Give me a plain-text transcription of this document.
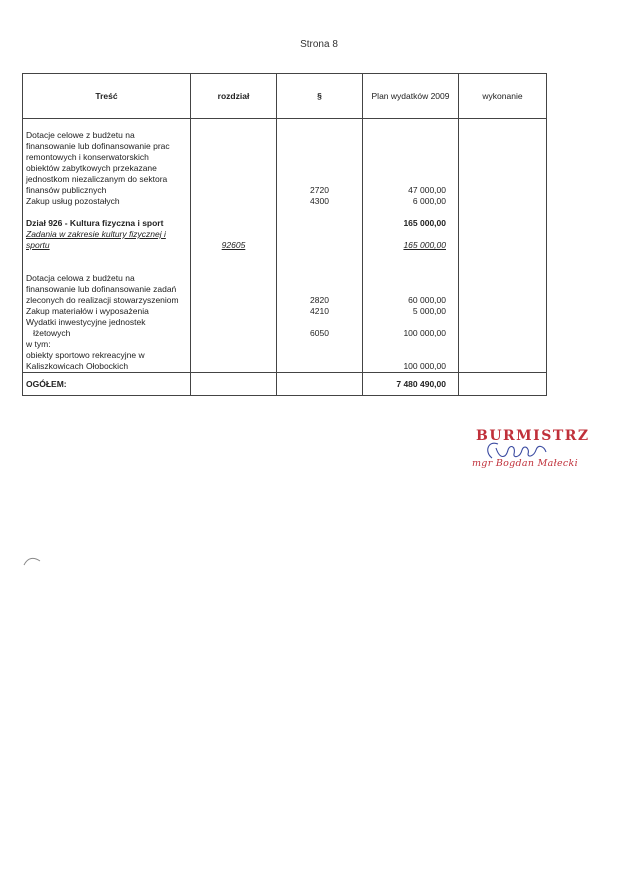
Strona 8
Treść	rozdział	§	Plan wydatków 2009	wykonanie

Dotacje celowe z budżetu na				
finansowanie lub dofinansowanie prac				
remontowych i konserwatorskich				
obiektów zabytkowych przekazane				
jednostkom niezaliczanym do sektora				
finansów publicznych		2720	47 000,00	
Zakup usług pozostałych		4300	6 000,00	

Dział 926 - Kultura fizyczna i sport			165 000,00	
Zadania w zakresie kultury fizycznej i				
sportu	92605		165 000,00	

Dotacja celowa z budżetu na				
finansowanie lub dofinansowanie zadań				
zleconych do realizacji stowarzyszeniom		2820	60 000,00	
Zakup materiałów i wyposażenia		4210	5 000,00	
Wydatki inwestycyjne jednostek				
łżetowych		6050	100 000,00	
w tym:				
obiekty sportowo rekreacyjne w				
Kaliszkowicach Ołobockich			100 000,00	
OGÓŁEM:			7 480 490,00	
BURMISTRZ
mgr Bogdan Małecki
